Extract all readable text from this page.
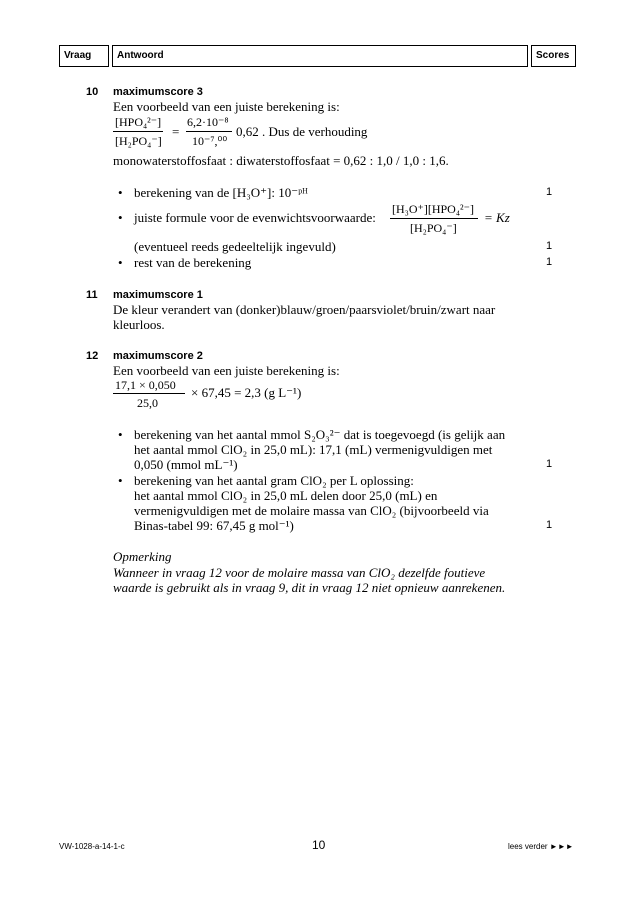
Vraag	Antwoord	Scores
10 maximumscore 3
Een voorbeeld van een juiste berekening is:
[HPO₄²⁻]
[H₂PO₄⁻]
=
6,2·10⁻⁸
10⁻⁷,⁰⁰
0,62 . Dus de verhouding
monowaterstoffosfaat : diwaterstoffosfaat = 0,62 : 1,0 / 1,0 : 1,6.
• berekening van de [H₃O⁺]: 10⁻ᵖᴴ	1
• juiste formule voor de evenwichtsvoorwaarde:
[H₃O⁺][HPO₄²⁻]
[H₂PO₄⁻]
= Kz
(eventueel reeds gedeeltelijk ingevuld)	1
• rest van de berekening	1
11 maximumscore 1
De kleur verandert van (donker)blauw/groen/paarsviolet/bruin/zwart naar
kleurloos.
12 maximumscore 2
Een voorbeeld van een juiste berekening is:
17,1 × 0,050
25,0
× 67,45 = 2,3 (g L⁻¹)
• berekening van het aantal mmol S₂O₃²⁻ dat is toegevoegd (is gelijk aan
het aantal mmol ClO₂ in 25,0 mL): 17,1 (mL) vermenigvuldigen met
0,050 (mmol mL⁻¹)	1
• berekening van het aantal gram ClO₂ per L oplossing:
het aantal mmol ClO₂ in 25,0 mL delen door 25,0 (mL) en
vermenigvuldigen met de molaire massa van ClO₂ (bijvoorbeeld via
Binas-tabel 99: 67,45 g mol⁻¹)	1
Opmerking
Wanneer in vraag 12 voor de molaire massa van ClO₂ dezelfde foutieve
waarde is gebruikt als in vraag 9, dit in vraag 12 niet opnieuw aanrekenen.
VW-1028-a-14-1-c	10	lees verder ►►►
